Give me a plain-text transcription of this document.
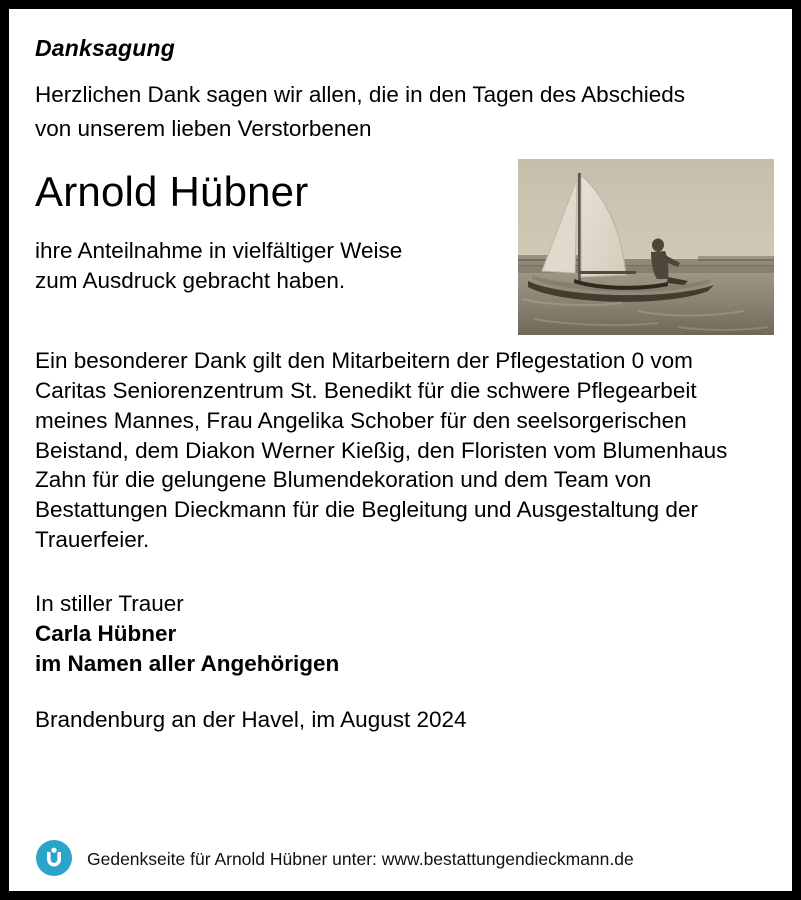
Danksagung

Herzlichen Dank sagen wir allen, die in den Tagen des Abschieds

von unserem lieben Verstorbenen

Arnold Hübner

ihre Anteilnahme in vielfältiger Weise

zum Ausdruck gebracht haben.

Ein besonderer Dank gilt den Mitarbeitern der Pflegestation 0 vom Caritas Seniorenzentrum St. Benedikt für die schwere Pflegearbeit meines Mannes, Frau Angelika Schober für den seelsorgerischen Beistand, dem Diakon Werner Kießig, den Floristen vom Blumenhaus Zahn für die gelungene Blumendekoration und dem Team von Bestattungen Dieckmann für die Begleitung und Ausgestaltung der Trauerfeier.

In stiller Trauer

Carla Hübner

im Namen aller Angehörigen

Brandenburg an der Havel, im August 2024

Gedenkseite für Arnold Hübner unter: www.bestattungendieckmann.de
